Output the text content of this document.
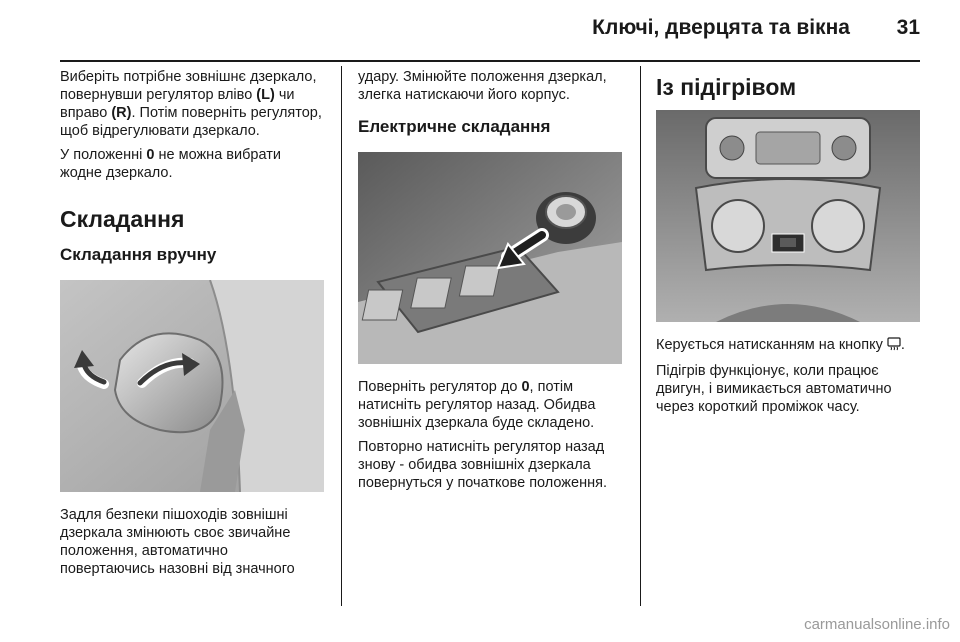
Ключі, дверцята та вікна	31

Виберіть потрібне зовнішнє дзеркало, повернувши регулятор вліво (L) чи вправо (R). Потім поверніть регулятор, щоб відрегулювати дзеркало.

У положенні 0 не можна вибрати жодне дзеркало.

Складання
Складання вручну

Задля безпеки пішоходів зовнішні дзеркала змінюють своє звичайне положення, автоматично повертаючись назовні від значного

удару. Змінюйте положення дзеркал, злегка натискаючи його корпус.

Електричне складання

Поверніть регулятор до 0, потім натисніть регулятор назад. Обидва зовнішніх дзеркала буде складено.

Повторно натисніть регулятор назад знову - обидва зовнішніх дзеркала повернуться у початкове положення.

Із підігрівом

Керується натисканням на кнопку .

Підігрів функціонує, коли працює двигун, і вимикається автоматично через короткий проміжок часу.

carmanualsonline.info
